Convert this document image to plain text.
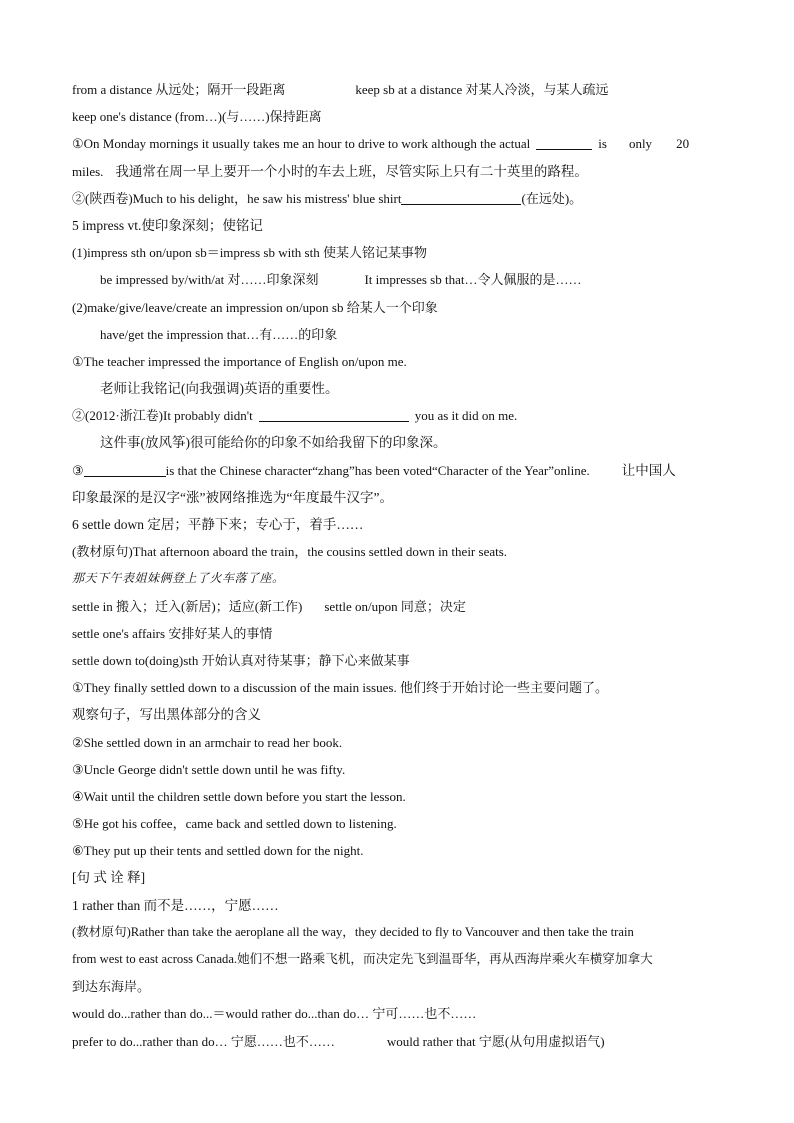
from a distance 从远处；隔开一段距离	keep sb at a distance 对某人冷淡，与某人疏远
keep one's distance (from…)(与……)保持距离
①On Monday mornings it usually takes me an hour to drive to work although the actual	is only 20
miles. 我通常在周一早上要开一个小时的车去上班，尽管实际上只有二十英里的路程。
②(陕西卷)Much to his delight，he saw his mistress' blue shirt	(在远处)。
5 impress vt.使印象深刻；使铭记
(1)impress sth on/upon sb＝impress sb with sth 使某人铭记某事物
be impressed by/with/at 对……印象深刻	It impresses sb that…令人佩服的是……
(2)make/give/leave/create an impression on/upon sb 给某人一个印象
have/get the impression that…有……的印象
①The teacher impressed the importance of English on/upon me.
老师让我铭记(向我强调)英语的重要性。
②(2012·浙江卷)It probably didn't	you as it did on me.
这件事(放风筝)很可能给你的印象不如给我留下的印象深。
③	is that the Chinese character“zhang”has been voted“Character of the Year”online. 让中国人
印象最深的是汉字“涨”被网络推选为“年度最牛汉字”。
6 settle down 定居；平静下来；专心于，着手……
(教材原句)That afternoon aboard the train，the cousins settled down in their seats.
那天下午表姐妹俩登上了火车落了座。
settle in 搬入；迁入(新居)；适应(新工作) settle on/upon 同意；决定
settle one's affairs 安排好某人的事情
settle down to(doing)sth 开始认真对待某事；静下心来做某事
①They finally settled down to a discussion of the main issues. 他们终于开始讨论一些主要问题了。
观察句子，写出黑体部分的含义
②She settled down in an armchair to read her book.
③Uncle George didn't settle down until he was fifty.
④Wait until the children settle down before you start the lesson.
⑤He got his coffee，came back and settled down to listening.
⑥They put up their tents and settled down for the night.
[句 式 诠 释]
1 rather than 而不是……，宁愿……
(教材原句)Rather than take the aeroplane all the way，they decided to fly to Vancouver and then take the train
from west to east across Canada.她们不想一路乘飞机，而决定先飞到温哥华，再从西海岸乘火车横穿加拿大
到达东海岸。
would do...rather than do...＝would rather do...than do… 宁可……也不……
prefer to do...rather than do… 宁愿……也不……	would rather that 宁愿(从句用虚拟语气)
